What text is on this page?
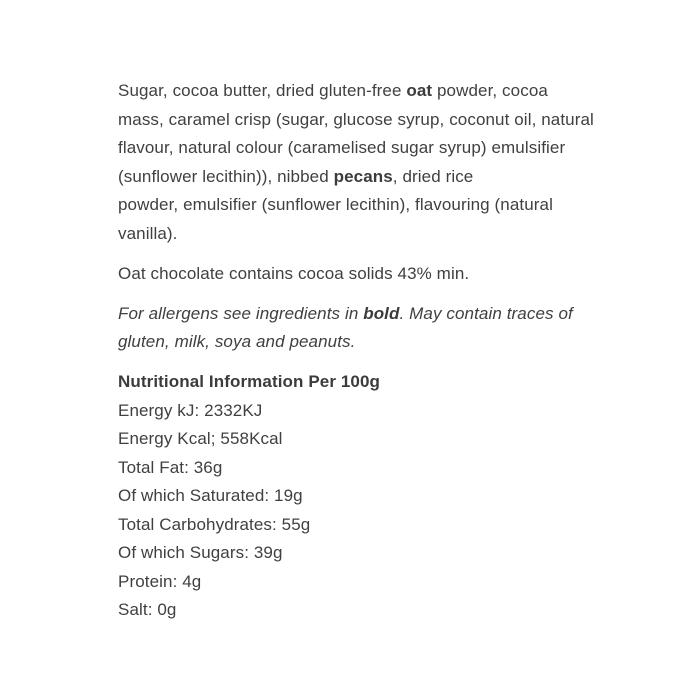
Sugar, cocoa butter, dried gluten-free oat powder, cocoa mass, caramel crisp (sugar, glucose syrup, coconut oil, natural flavour, natural colour (caramelised sugar syrup) emulsifier (sunflower lecithin)), nibbed pecans, dried rice
powder, emulsifier (sunflower lecithin), flavouring (natural vanilla).

Oat chocolate contains cocoa solids 43% min.

For allergens see ingredients in bold. May contain traces of gluten, milk, soya and peanuts.

Nutritional Information Per 100g

Energy kJ: 2332KJ
Energy Kcal; 558Kcal
Total Fat: 36g
Of which Saturated: 19g
Total Carbohydrates: 55g
Of which Sugars: 39g
Protein: 4g
Salt: 0g
